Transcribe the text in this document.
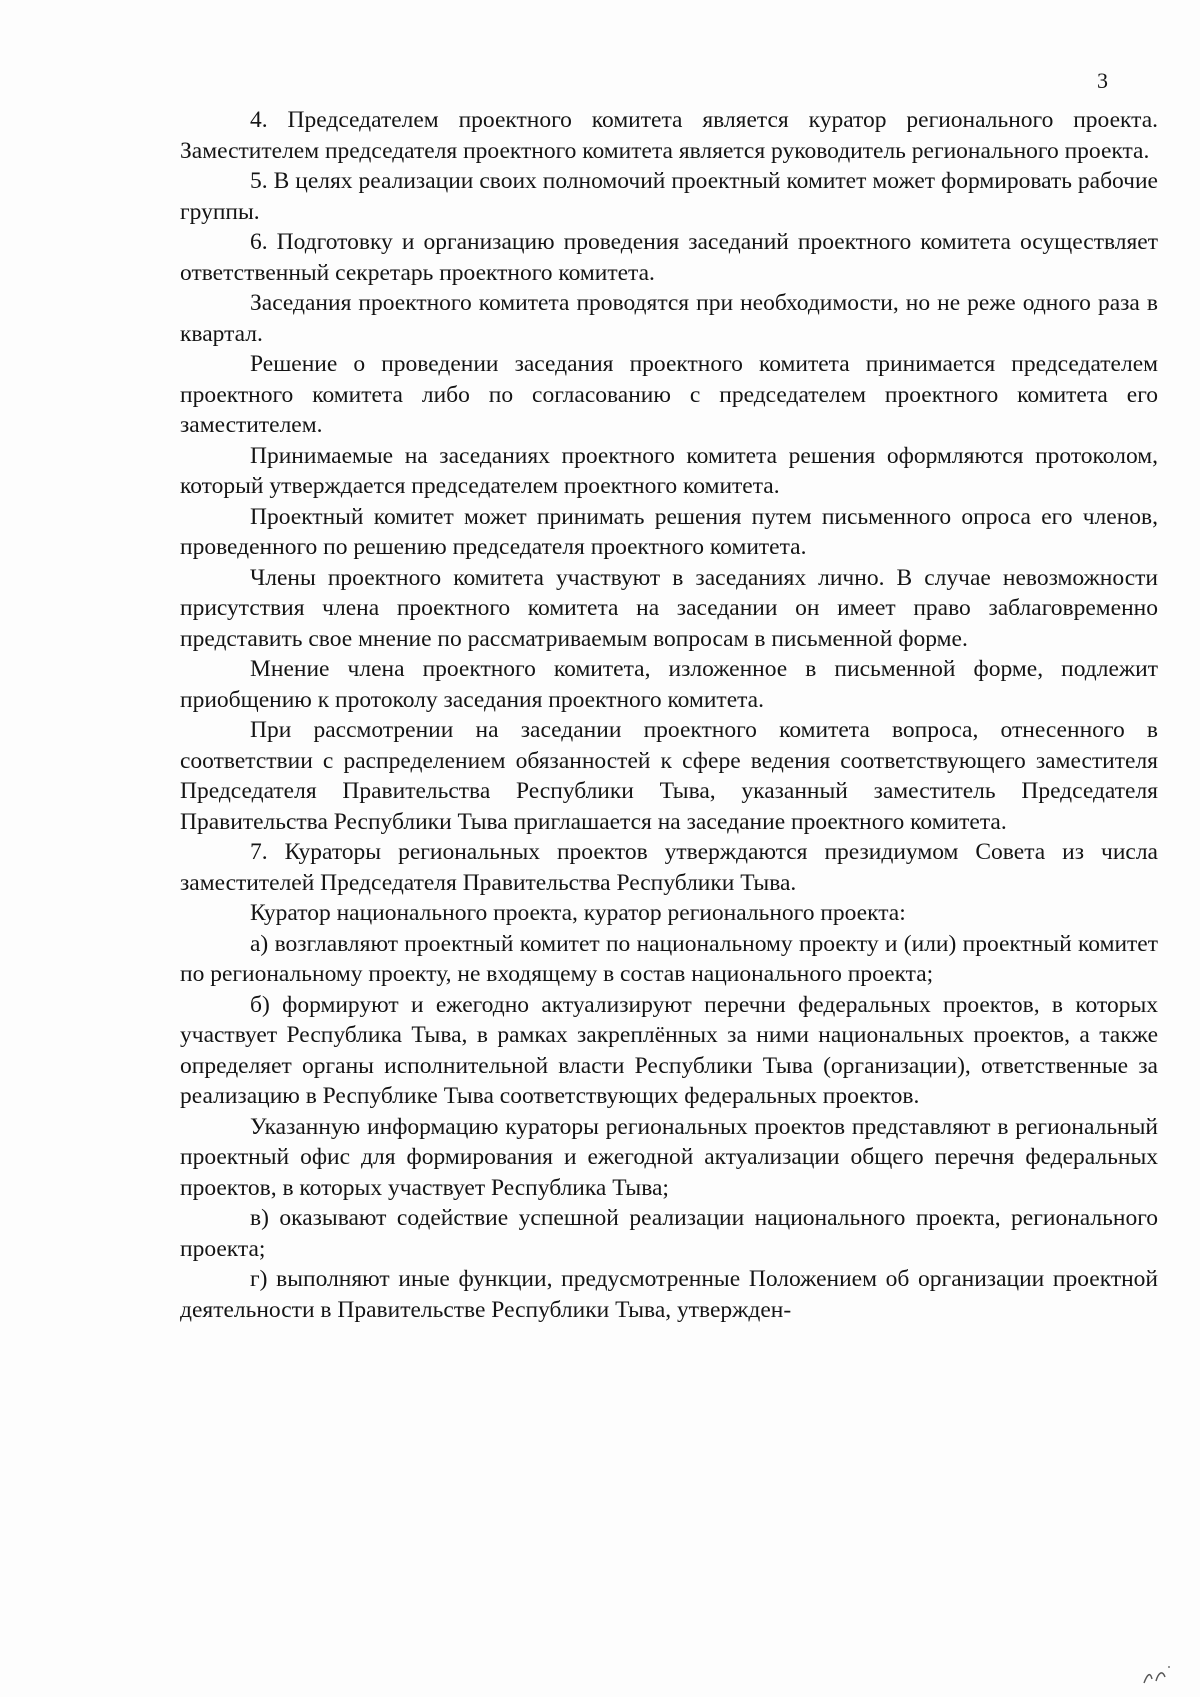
3

4. Председателем проектного комитета является куратор регионального проекта. Заместителем председателя проектного комитета является руководитель регионального проекта.

5. В целях реализации своих полномочий проектный комитет может формировать рабочие группы.

6. Подготовку и организацию проведения заседаний проектного комитета осуществляет ответственный секретарь проектного комитета.

Заседания проектного комитета проводятся при необходимости, но не реже одного раза в квартал.

Решение о проведении заседания проектного комитета принимается председателем проектного комитета либо по согласованию с председателем проектного комитета его заместителем.

Принимаемые на заседаниях проектного комитета решения оформляются протоколом, который утверждается председателем проектного комитета.

Проектный комитет может принимать решения путем письменного опроса его членов, проведенного по решению председателя проектного комитета.

Члены проектного комитета участвуют в заседаниях лично. В случае невозможности присутствия члена проектного комитета на заседании он имеет право заблаговременно представить свое мнение по рассматриваемым вопросам в письменной форме.

Мнение члена проектного комитета, изложенное в письменной форме, подлежит приобщению к протоколу заседания проектного комитета.

При рассмотрении на заседании проектного комитета вопроса, отнесенного в соответствии с распределением обязанностей к сфере ведения соответствующего заместителя Председателя Правительства Республики Тыва, указанный заместитель Председателя Правительства Республики Тыва приглашается на заседание проектного комитета.

7. Кураторы региональных проектов утверждаются президиумом Совета из числа заместителей Председателя Правительства Республики Тыва.

Куратор национального проекта, куратор регионального проекта:

а) возглавляют проектный комитет по национальному проекту и (или) проектный комитет по региональному проекту, не входящему в состав национального проекта;

б) формируют и ежегодно актуализируют перечни федеральных проектов, в которых участвует Республика Тыва, в рамках закреплённых за ними национальных проектов, а также определяет органы исполнительной власти Республики Тыва (организации), ответственные за реализацию в Республике Тыва соответствующих федеральных проектов.

Указанную информацию кураторы региональных проектов представляют в региональный проектный офис для формирования и ежегодной актуализации общего перечня федеральных проектов, в которых участвует Республика Тыва;

в) оказывают содействие успешной реализации национального проекта, регионального проекта;

г) выполняют иные функции, предусмотренные Положением об организации проектной деятельности в Правительстве Республики Тыва, утвержден-
